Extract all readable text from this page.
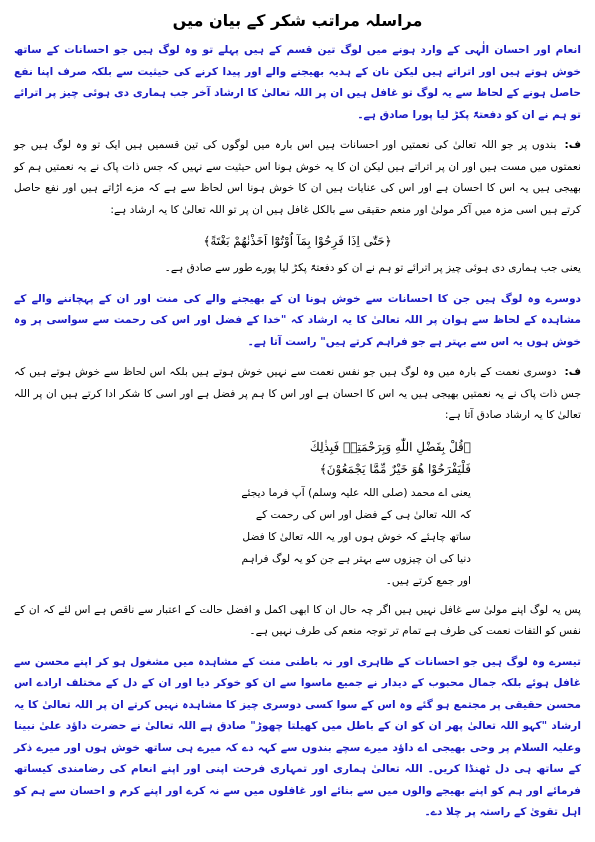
مراسلہ مراتب شکر کے بیان میں

انعام اور احسان الٰہی کے وارد ہونے میں لوگ تین قسم کے ہیں پہلے تو وہ لوگ ہیں جو احسانات کے ساتھ خوش ہوتے ہیں اور اتراتے ہیں لیکن نان کے ہدیہ بھیجنے والے اور پیدا کرنے کی حیثیت سے بلکہ صرف اپنا نفع حاصل ہونے کے لحاظ سے یہ لوگ تو غافل ہیں ان پر اللہ تعالیٰ کا ارشاد آخر جب ہماری دی ہوئی چیز پر اترائے تو ہم نے ان کو دفعتۃً پکڑ لیا پورا صادق ہے۔

ف:بندوں پر جو اللہ تعالیٰ کی نعمتیں اور احسانات ہیں اس بارہ میں لوگوں کی تین قسمیں ہیں ایک تو وہ لوگ ہیں جو نعمتوں میں مست ہیں اور ان پر اتراتے ہیں لیکن ان کا یہ خوش ہونا اس حیثیت سے نہیں کہ جس ذات پاک نے یہ نعمتیں ہم کو بھیجی ہیں یہ اس کا احسان ہے اور اس کی عنایات ہیں ان کا خوش ہونا اس لحاظ سے ہے کہ مزے اڑاتے ہیں اور نفع حاصل کرتے ہیں اسی مزہ میں آکر مولیٰ اور منعم حقیقی سے بالکل غافل ہیں ان پر تو اللہ تعالیٰ کا یہ ارشاد ہے:

﴿حَتّٰى اِذَا فَرِحُوْا بِمَآ اُوْتُوْٓا اَخَذْنٰهُمْ بَغْتَةً﴾

یعنی جب ہماری دی ہوئی چیز پر اترائے تو ہم نے ان کو دفعتۃً پکڑ لیا پورے طور سے صادق ہے۔

دوسرے وہ لوگ ہیں جن کا احسانات سے خوش ہونا ان کے بھیجنے والے کی منت اور ان کے پہچاننے والے کے مشاہدہ کے لحاظ سے ہوان پر اللہ تعالیٰ کا یہ ارشاد کہ "خدا کے فضل اور اس کی رحمت سے سواسی پر وہ خوش ہوں یہ اس سے بہتر ہے جو فراہم کرتے ہیں" راست آتا ہے۔

ف:دوسری نعمت کے بارہ میں وہ لوگ ہیں جو نفس نعمت سے نہیں خوش ہوتے ہیں بلکہ اس لحاظ سے خوش ہوتے ہیں کہ جس ذات پاک نے یہ نعمتیں بھیجی ہیں یہ اس کا احسان ہے اور اس کا ہم پر فضل ہے اور اسی کا شکر ادا کرتے ہیں ان پر اللہ تعالیٰ کا یہ ارشاد صادق آتا ہے:

﴿قُلْ بِفَضْلِ اللّٰهِ وَبِرَحْمَتِهٖ فَبِذٰلِكَ
فَلْيَفْرَحُوْا هُوَ خَيْرٌ مِّمَّا يَجْمَعُوْنَ﴾
یعنی اے محمد (صلی اللہ علیہ وسلم) آپ فرما دیجئے کہ اللہ تعالیٰ ہی کے فضل اور اس کی رحمت کے ساتھ چاہئے کہ خوش ہوں اور یہ اللہ تعالیٰ کا فضل دنیا کی ان چیزوں سے بہتر ہے جن کو یہ لوگ فراہم اور جمع کرتے ہیں۔

پس یہ لوگ اپنے مولیٰ سے غافل نہیں ہیں اگر چہ حال ان کا ابھی اکمل و افضل حالت کے اعتبار سے ناقص ہے اس لئے کہ ان کے نفس کو التفات نعمت کی طرف ہے تمام تر توجہ منعم کی طرف نہیں ہے۔

تیسرے وہ لوگ ہیں جو احسانات کے ظاہری اور نہ باطنی منت کے مشاہدہ میں مشغول ہو کر اپنے محسن سے غافل ہوئے بلکہ جمال محبوب کے دیدار نے جمیع ماسوا سے ان کو خوکر دیا اور ان کے دل کے مختلف ارادے اس محسن حقیقی پر مجتمع ہو گئے وہ اس کے سوا کسی دوسری چیز کا مشاہدہ نہیں کرتے ان پر اللہ تعالیٰ کا یہ ارشاد "کہو اللہ تعالیٰ پھر ان کو ان کے باطل میں کھیلتا چھوڑ" صادق ہے اللہ تعالیٰ نے حضرت داؤد علیٰ نبینا وعلیہ السلام پر وحی بھیجی اے داؤد میرے سچے بندوں سے کہہ دے کہ میرے ہی ساتھ خوش ہوں اور میرے ذکر کے ساتھ ہی دل ٹھنڈا کریں۔ اللہ تعالیٰ ہماری اور تمہاری فرحت اپنی اور اپنے انعام کی رضامندی کیساتھ فرمائے اور ہم کو اپنے بھیجے والوں میں سے بنائے اور غافلوں میں سے نہ کرے اور اپنے کرم و احسان سے ہم کو اہل تقویٰ کے راستہ پر چلا دے۔
